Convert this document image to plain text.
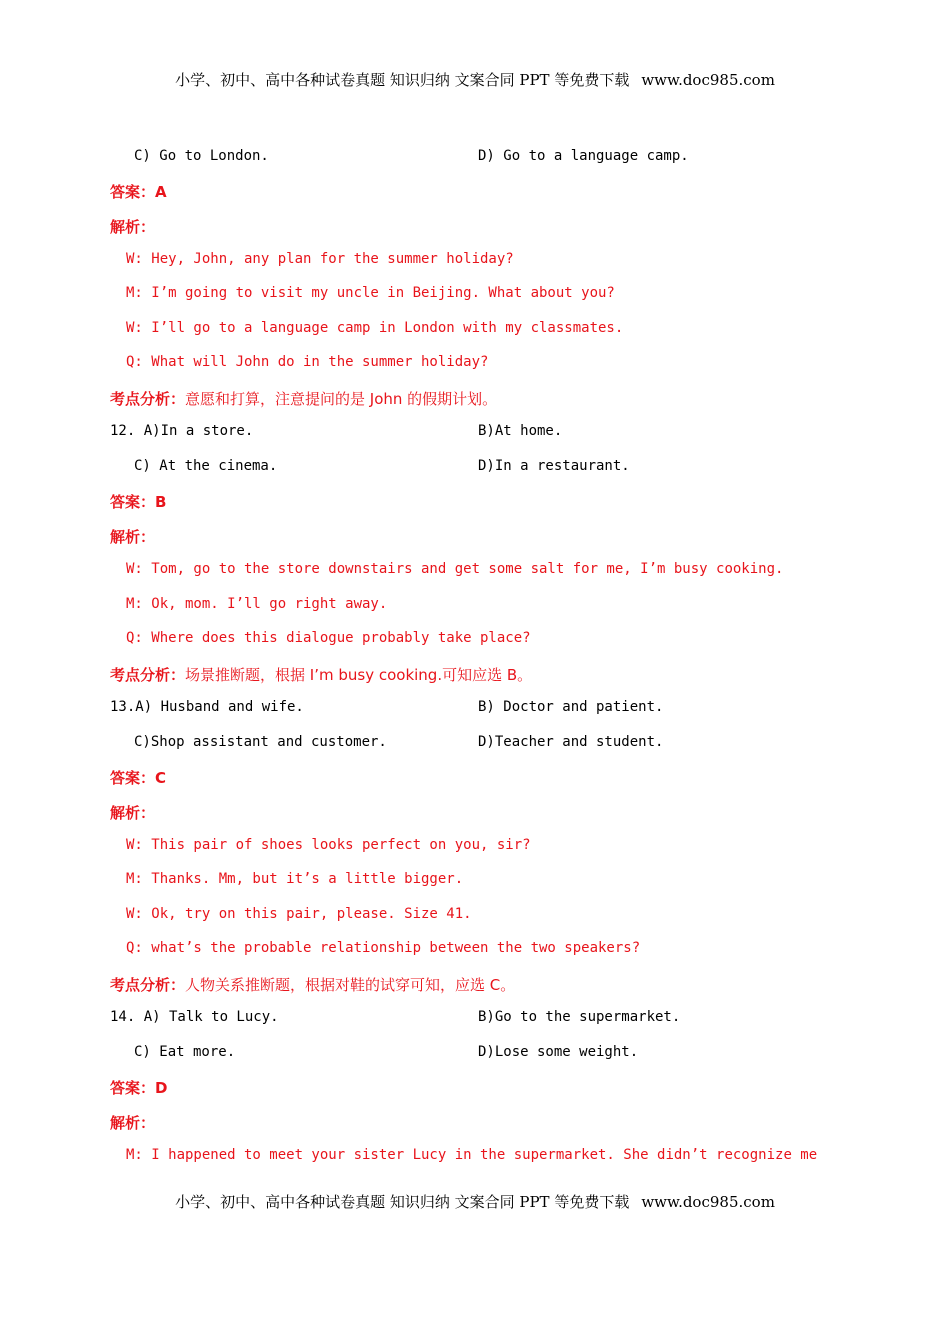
小学、初中、高中各种试卷真题 知识归纳 文案合同 PPT 等免费下载 www.doc985.com
C) Go to London.	D) Go to a language camp.
答案：A
解析：
W: Hey, John, any plan for the summer holiday?
M: I’m going to visit my uncle in Beijing. What about you?
W: I’ll go to a language camp in London with my classmates.
Q: What will John do in the summer holiday?
考点分析：意愿和打算，注意提问的是 John 的假期计划。
12. A)In a store.	B)At home.
C) At the cinema.	D)In a restaurant.
答案：B
解析：
W: Tom, go to the store downstairs and get some salt for me, I’m busy cooking.
M: Ok, mom. I’ll go right away.
Q: Where does this dialogue probably take place?
考点分析：场景推断题，根据 I’m busy cooking.可知应选 B。
13.A) Husband and wife.	B) Doctor and patient.
C)Shop assistant and customer.	D)Teacher and student.
答案：C
解析：
W: This pair of shoes looks perfect on you, sir?
M: Thanks. Mm, but it’s a little bigger.
W: Ok, try on this pair, please. Size 41.
Q: what’s the probable relationship between the two speakers?
考点分析：人物关系推断题，根据对鞋的试穿可知，应选 C。
14. A) Talk to Lucy.	B)Go to the supermarket.
C) Eat more.	D)Lose some weight.
答案：D
解析：
M: I happened to meet your sister Lucy in the supermarket. She didn’t recognize me
小学、初中、高中各种试卷真题 知识归纳 文案合同 PPT 等免费下载 www.doc985.com
